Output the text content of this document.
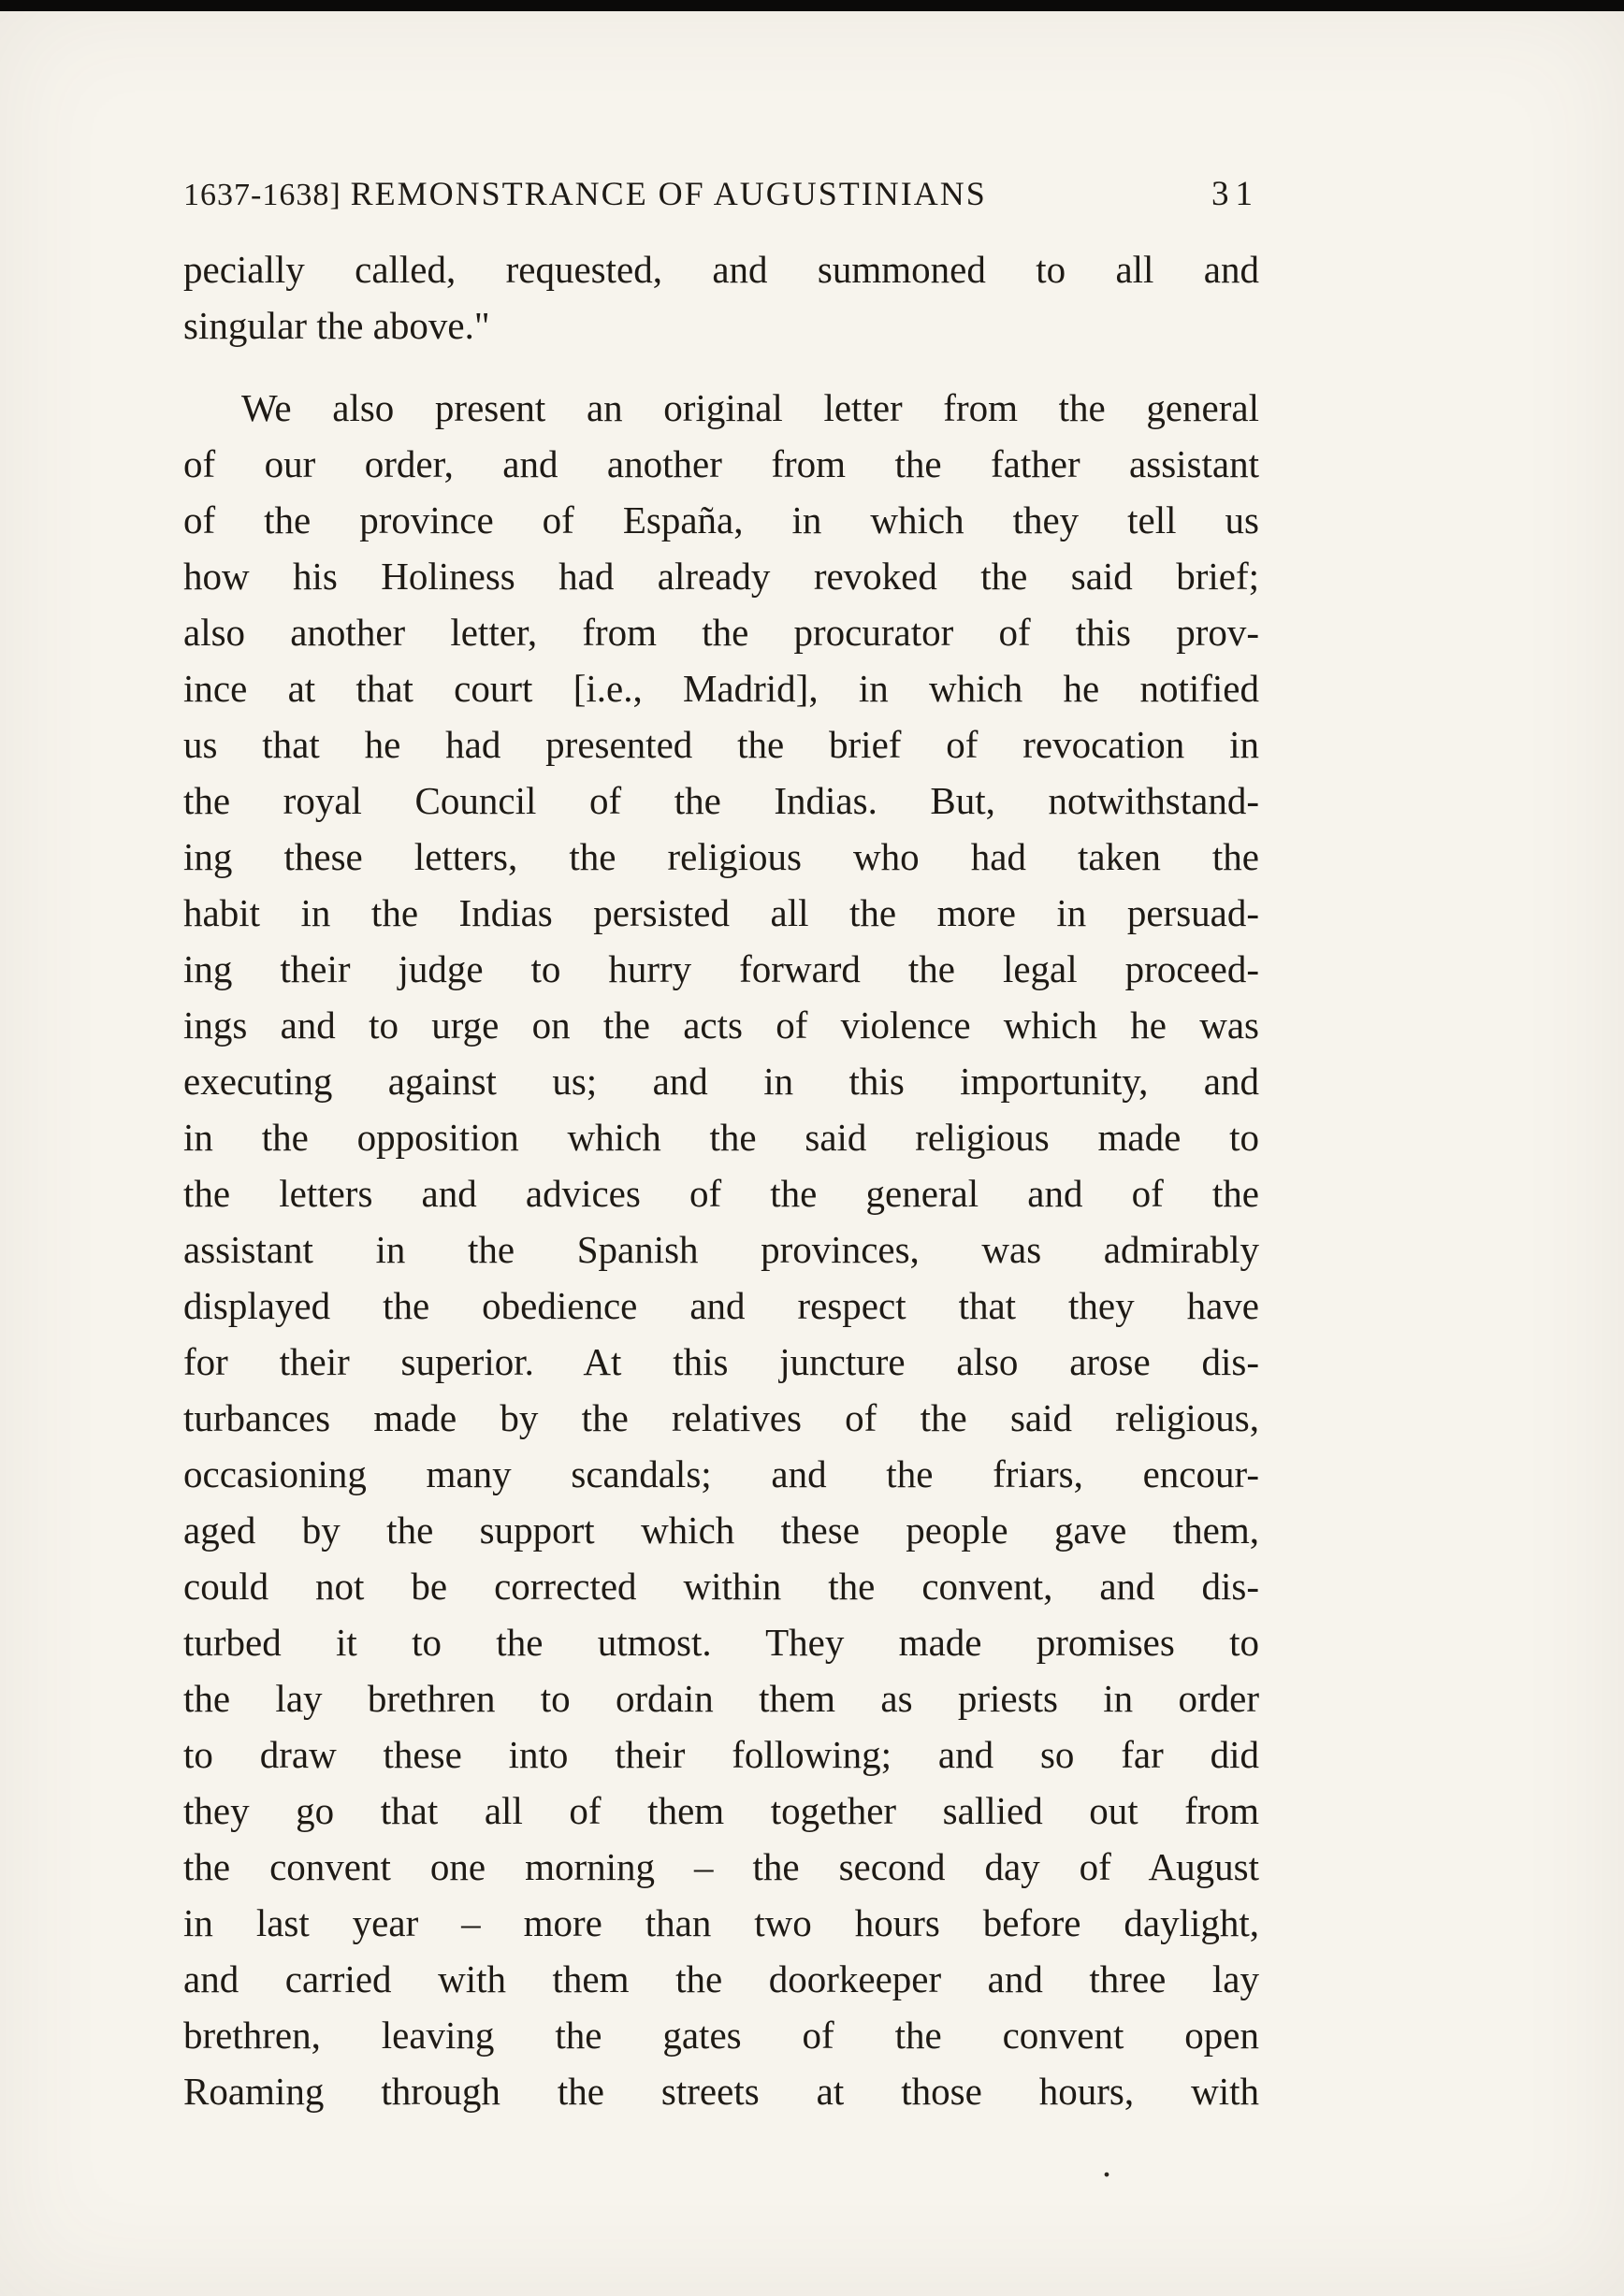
1637-1638] REMONSTRANCE OF AUGUSTINIANS	31
pecially called, requested, and summoned to all and
singular the above."
We also present an original letter from the general
of our order, and another from the father assistant
of the province of España, in which they tell us
how his Holiness had already revoked the said brief;
also another letter, from the procurator of this prov-
ince at that court [i.e., Madrid], in which he notified
us that he had presented the brief of revocation in
the royal Council of the Indias. But, notwithstand-
ing these letters, the religious who had taken the
habit in the Indias persisted all the more in persuad-
ing their judge to hurry forward the legal proceed-
ings and to urge on the acts of violence which he was
executing against us; and in this importunity, and
in the opposition which the said religious made to
the letters and advices of the general and of the
assistant in the Spanish provinces, was admirably
displayed the obedience and respect that they have
for their superior. At this juncture also arose dis-
turbances made by the relatives of the said religious,
occasioning many scandals; and the friars, encour-
aged by the support which these people gave them,
could not be corrected within the convent, and dis-
turbed it to the utmost. They made promises to
the lay brethren to ordain them as priests in order
to draw these into their following; and so far did
they go that all of them together sallied out from
the convent one morning – the second day of August
in last year – more than two hours before daylight,
and carried with them the doorkeeper and three lay
brethren, leaving the gates of the convent open
Roaming through the streets at those hours, with
.
